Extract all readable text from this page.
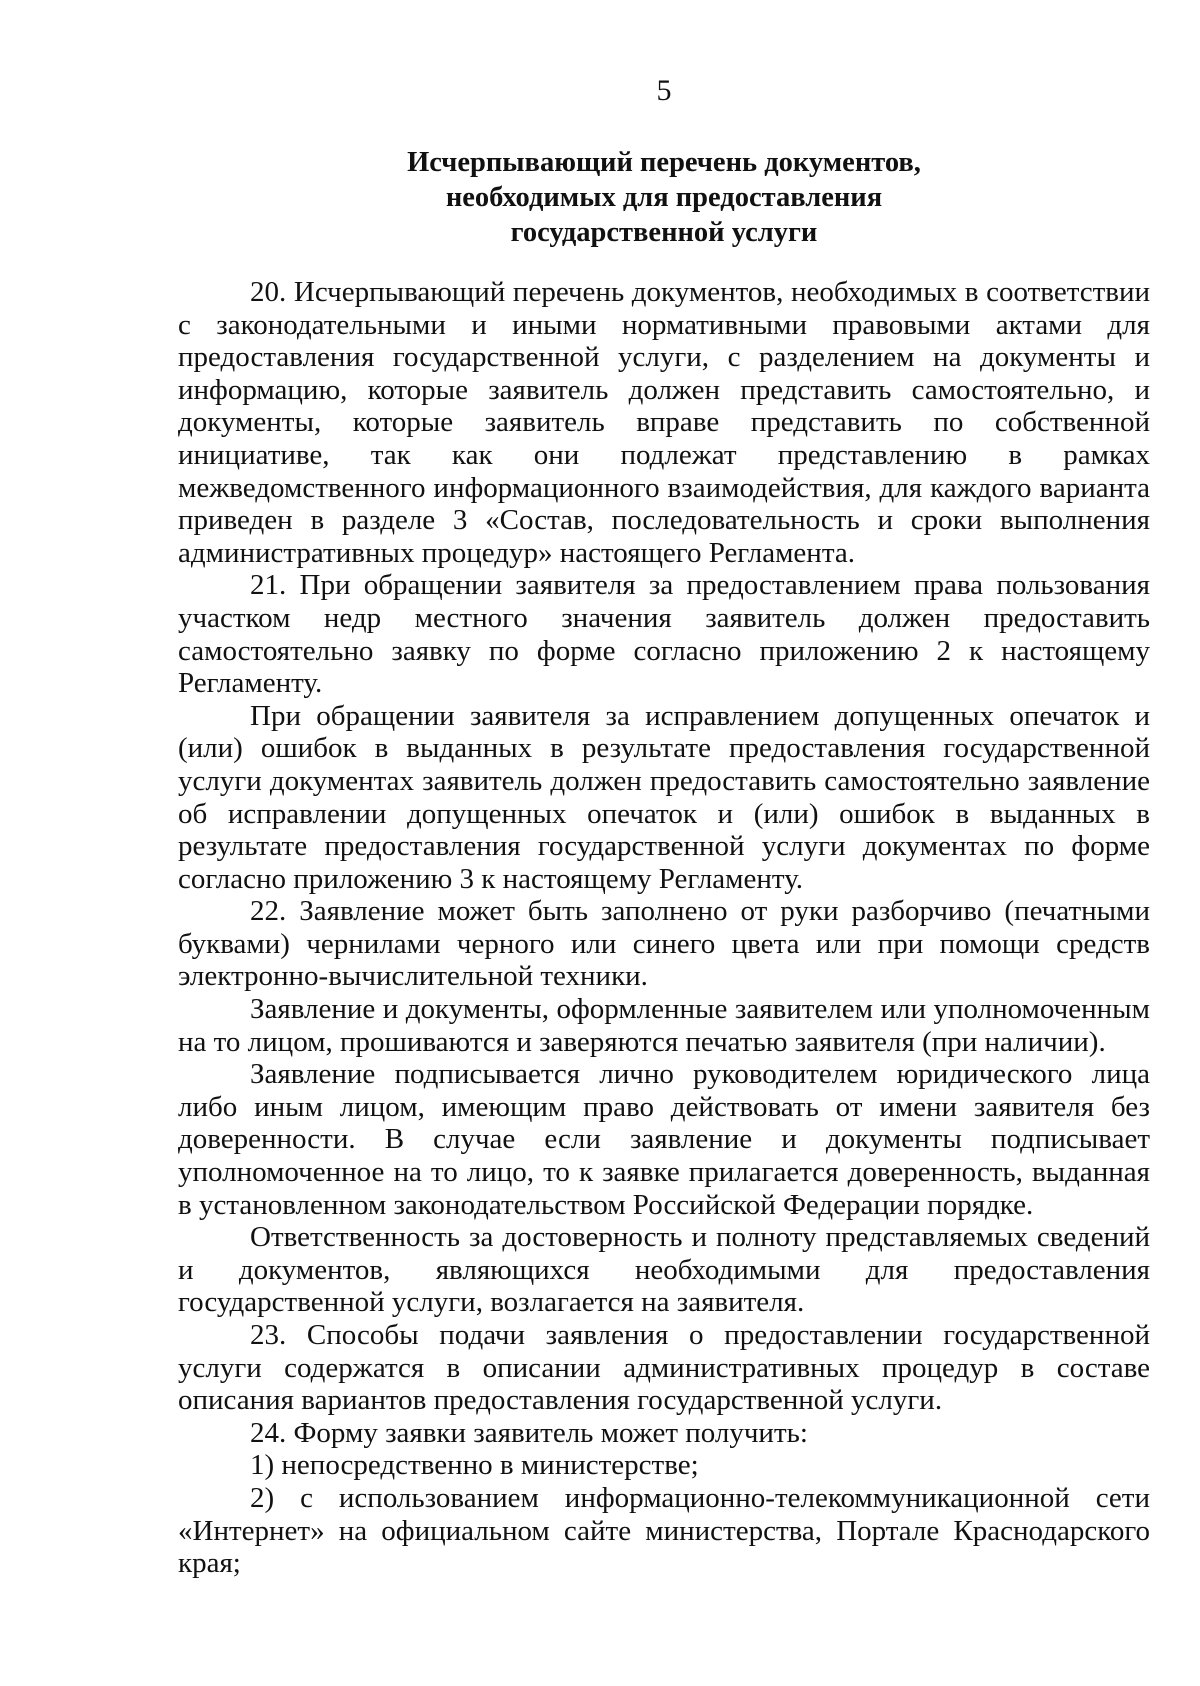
5

Исчерпывающий перечень документов,
необходимых для предоставления
государственной услуги

20. Исчерпывающий перечень документов, необходимых в соответствии с законодательными и иными нормативными правовыми актами для предоставления государственной услуги, с разделением на документы и информацию, которые заявитель должен представить самостоятельно, и документы, которые заявитель вправе представить по собственной инициативе, так как они подлежат представлению в рамках межведомственного информационного взаимодействия, для каждого варианта приведен в разделе 3 «Состав, последовательность и сроки выполнения административных процедур» настоящего Регламента.

21. При обращении заявителя за предоставлением права пользования участком недр местного значения заявитель должен предоставить самостоятельно заявку по форме согласно приложению 2 к настоящему Регламенту.

При обращении заявителя за исправлением допущенных опечаток и (или) ошибок в выданных в результате предоставления государственной услуги документах заявитель должен предоставить самостоятельно заявление об исправлении допущенных опечаток и (или) ошибок в выданных в результате предоставления государственной услуги документах по форме согласно приложению 3 к настоящему Регламенту.

22. Заявление может быть заполнено от руки разборчиво (печатными буквами) чернилами черного или синего цвета или при помощи средств электронно-вычислительной техники.

Заявление и документы, оформленные заявителем или уполномоченным на то лицом, прошиваются и заверяются печатью заявителя (при наличии).

Заявление подписывается лично руководителем юридического лица либо иным лицом, имеющим право действовать от имени заявителя без доверенности. В случае если заявление и документы подписывает уполномоченное на то лицо, то к заявке прилагается доверенность, выданная в установленном законодательством Российской Федерации порядке.

Ответственность за достоверность и полноту представляемых сведений и документов, являющихся необходимыми для предоставления государственной услуги, возлагается на заявителя.

23. Способы подачи заявления о предоставлении государственной услуги содержатся в описании административных процедур в составе описания вариантов предоставления государственной услуги.

24. Форму заявки заявитель может получить:

1) непосредственно в министерстве;

2) с использованием информационно-телекоммуникационной сети «Интернет» на официальном сайте министерства, Портале Краснодарского края;
